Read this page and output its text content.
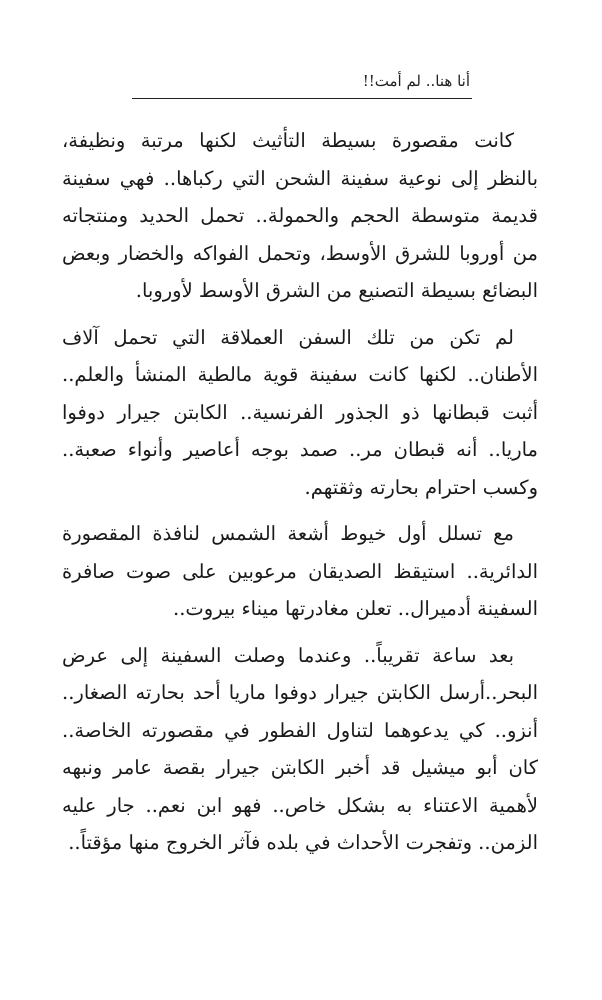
أنا هنا.. لم أمت!!

كانت مقصورة بسيطة التأثيث لكنها مرتبة ونظيفة، بالنظر إلى نوعية سفينة الشحن التي ركباها.. فهي سفينة قديمة متوسطة الحجم والحمولة.. تحمل الحديد ومنتجاته من أوروبا للشرق الأوسط، وتحمل الفواكه والخضار وبعض البضائع بسيطة التصنيع من الشرق الأوسط لأوروبا.

لم تكن من تلك السفن العملاقة التي تحمل آلاف الأطنان.. لكنها كانت سفينة قوية مالطية المنشأ والعلم.. أثبت قبطانها ذو الجذور الفرنسية.. الكابتن جيرار دوفوا ماريا.. أنه قبطان مر.. صمد بوجه أعاصير وأنواء صعبة.. وكسب احترام بحارته وثقتهم.

مع تسلل أول خيوط أشعة الشمس لنافذة المقصورة الدائرية.. استيقظ الصديقان مرعوبين على صوت صافرة السفينة أدميرال.. تعلن مغادرتها ميناء بيروت..

بعد ساعة تقريباً.. وعندما وصلت السفينة إلى عرض البحر..أرسل الكابتن جيرار دوفوا ماريا أحد بحارته الصغار.. أنزو.. كي يدعوهما لتناول الفطور في مقصورته الخاصة.. كان أبو ميشيل قد أخبر الكابتن جيرار بقصة عامر ونبهه لأهمية الاعتناء به بشكل خاص.. فهو ابن نعم.. جار عليه الزمن.. وتفجرت الأحداث في بلده فآثر الخروج منها مؤقتاً..
